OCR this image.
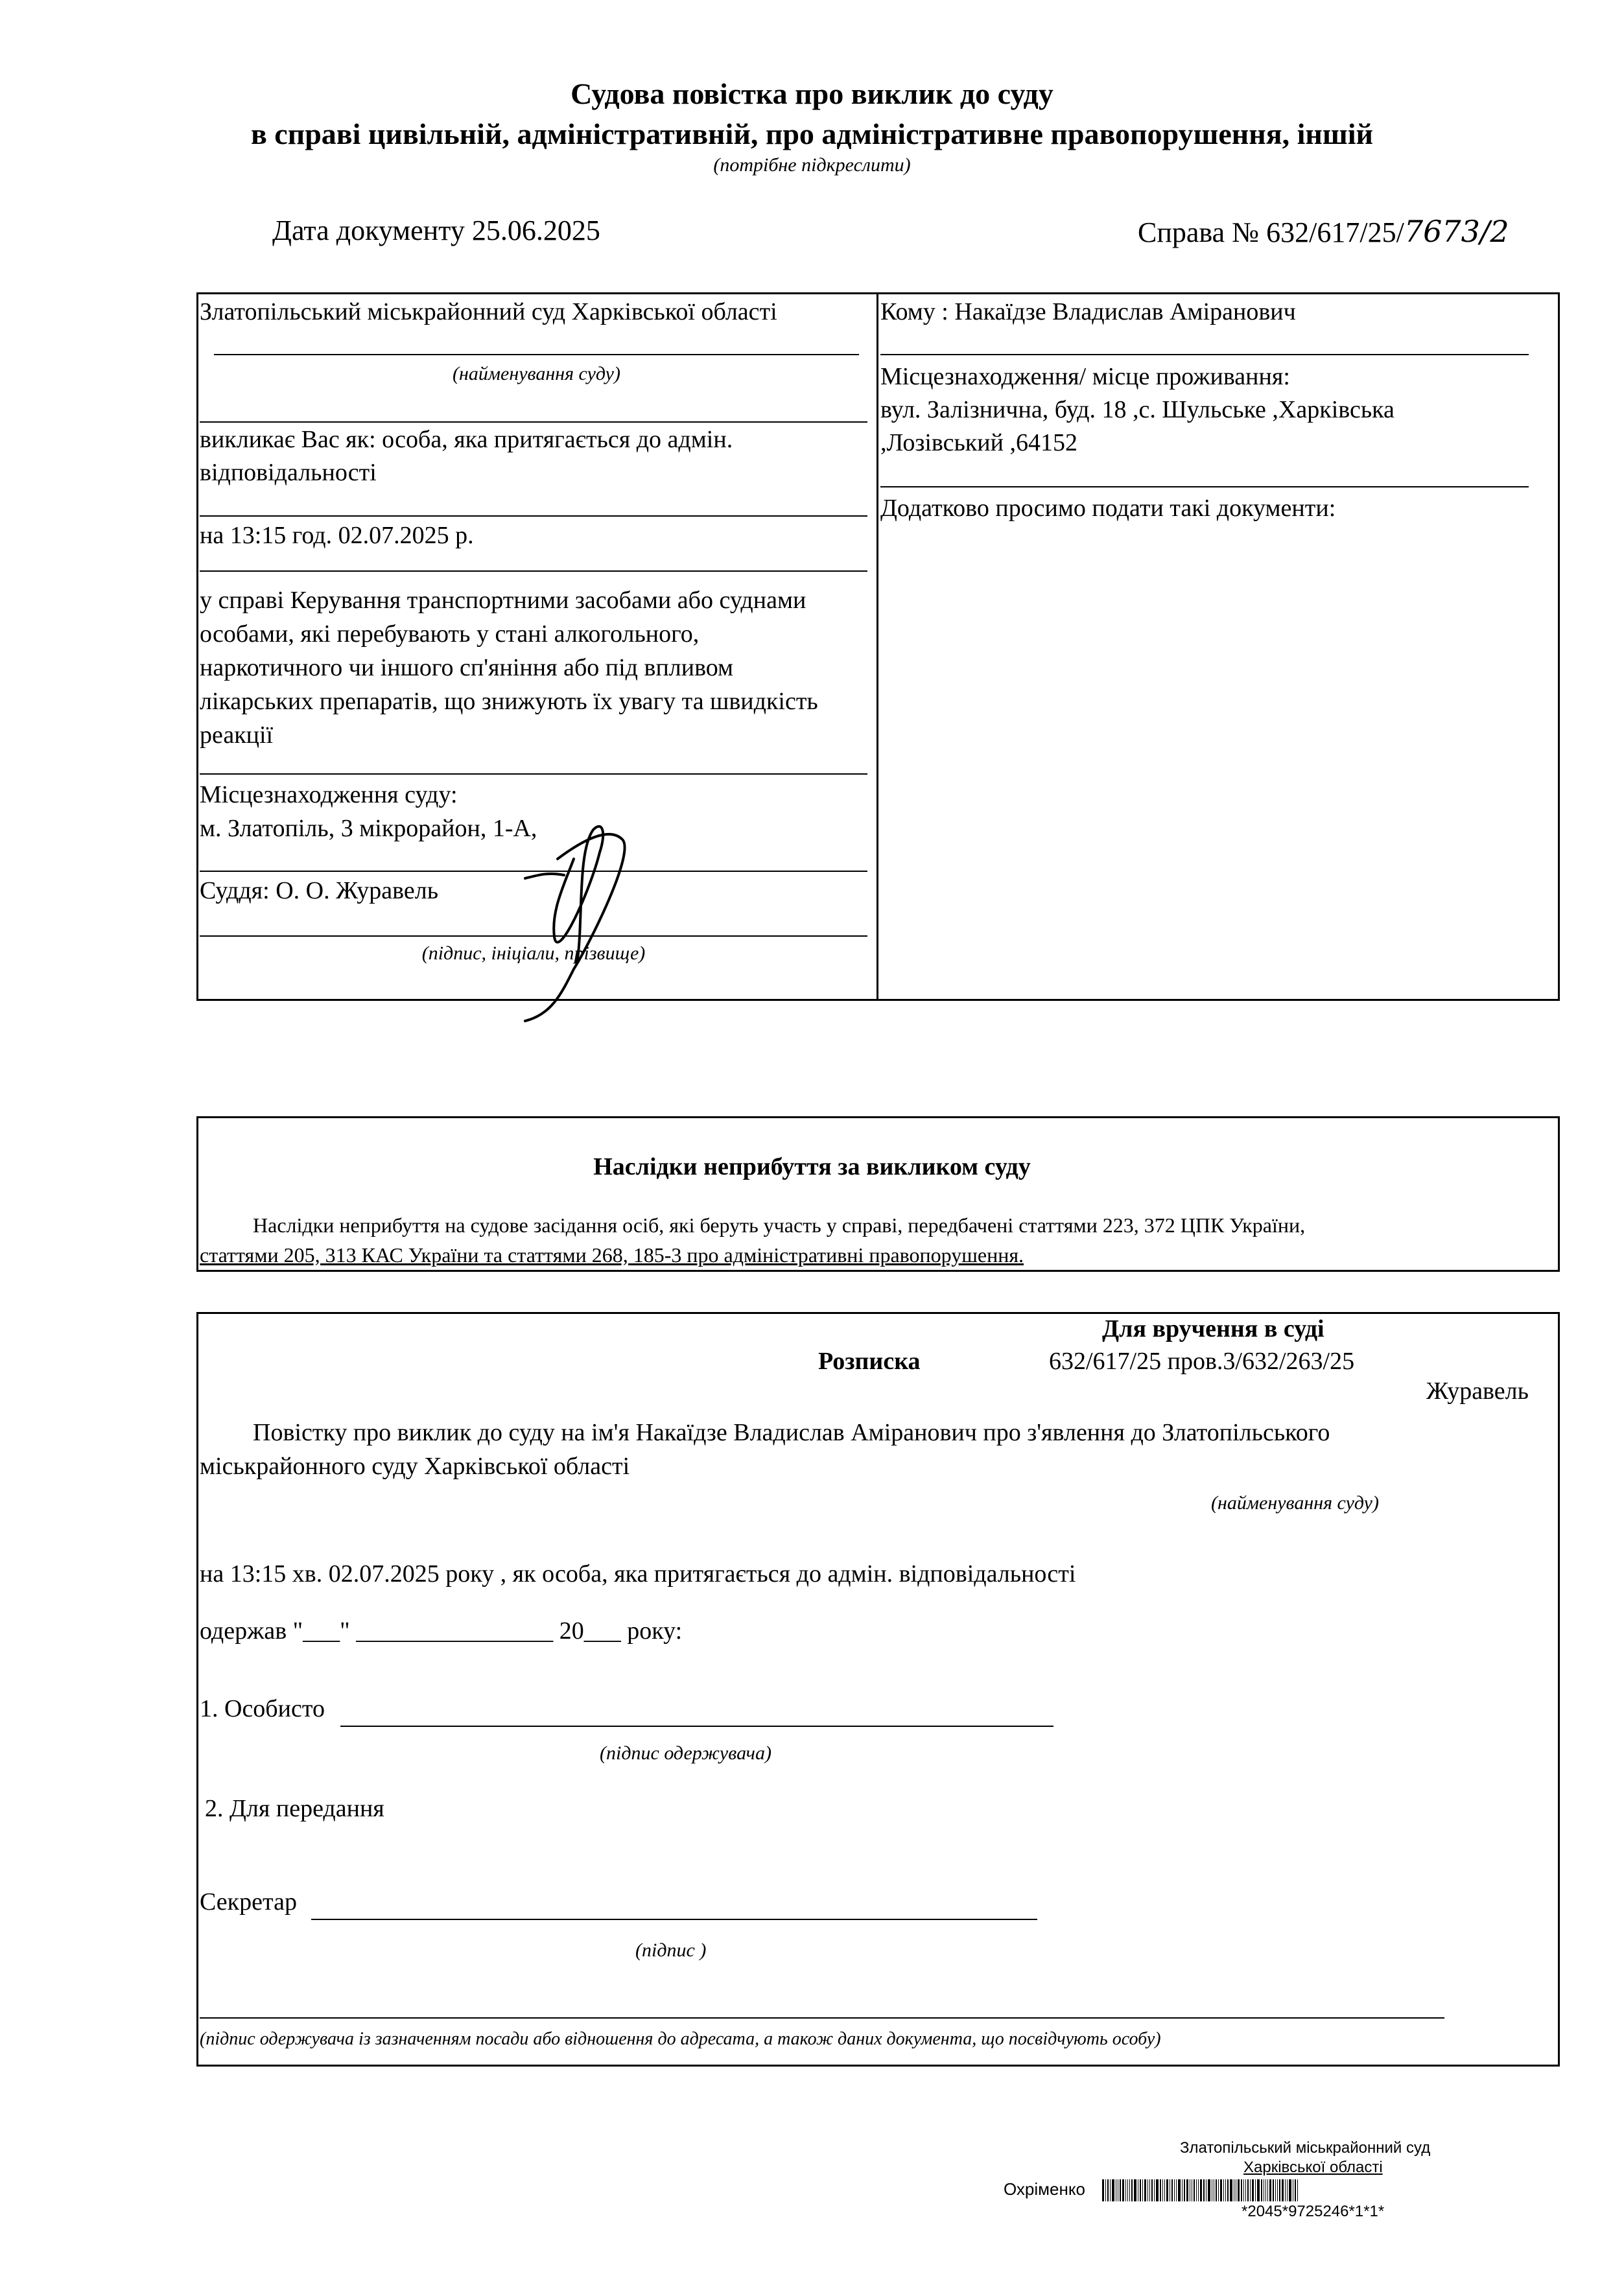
Судова повістка про виклик до суду
в справі цивільній, адміністративній, про адміністративне правопорушення, іншій
(потрібне підкреслити)
Дата документу 25.06.2025	Справа № 632/617/25/7673/2
Златопільський міськрайонний суд Харківської області
(найменування суду)
викликає Вас як: особа, яка притягається до адмін.
відповідальності
на 13:15 год. 02.07.2025 р.
у справі Керування транспортними засобами або суднами
особами, які перебувають у стані алкогольного,
наркотичного чи іншого сп'яніння або під впливом
лікарських препаратів, що знижують їх увагу та швидкість
реакції
Місцезнаходження суду:
м. Златопіль, 3 мікрорайон, 1-А,
Суддя: О. О. Журавель
(підпис, ініціали, прізвище)
Кому : Накаїдзе Владислав Аміранович
Місцезнаходження/ місце проживання:
вул. Залізнична, буд. 18 ,с. Шульське ,Харківська
,Лозівський ,64152
Додатково просимо подати такі документи:
Наслідки неприбуття за викликом суду
Наслідки неприбуття на судове засідання осіб, які беруть участь у справі, передбачені статтями 223, 372 ЦПК України,
статтями 205, 313 КАС України та статтями 268, 185-3 про адміністративні правопорушення.
Для вручення в суді
Розписка	632/617/25 пров.3/632/263/25
Журавель
Повістку про виклик до суду на ім'я Накаїдзе Владислав Аміранович про з'явлення до Златопільського
міськрайонного суду Харківської області
(найменування суду)
на 13:15 хв. 02.07.2025 року , як особа, яка притягається до адмін. відповідальності
одержав "___" ________________ 20___ року:
1. Особисто
(підпис одержувача)
2. Для передання
Секретар
(підпис )
(підпис одержувача із зазначенням посади або відношення до адресата, а також даних документа, що посвідчують особу)
Златопільський міськрайонний суд
Харківської області
Охріменко
*2045*9725246*1*1*
